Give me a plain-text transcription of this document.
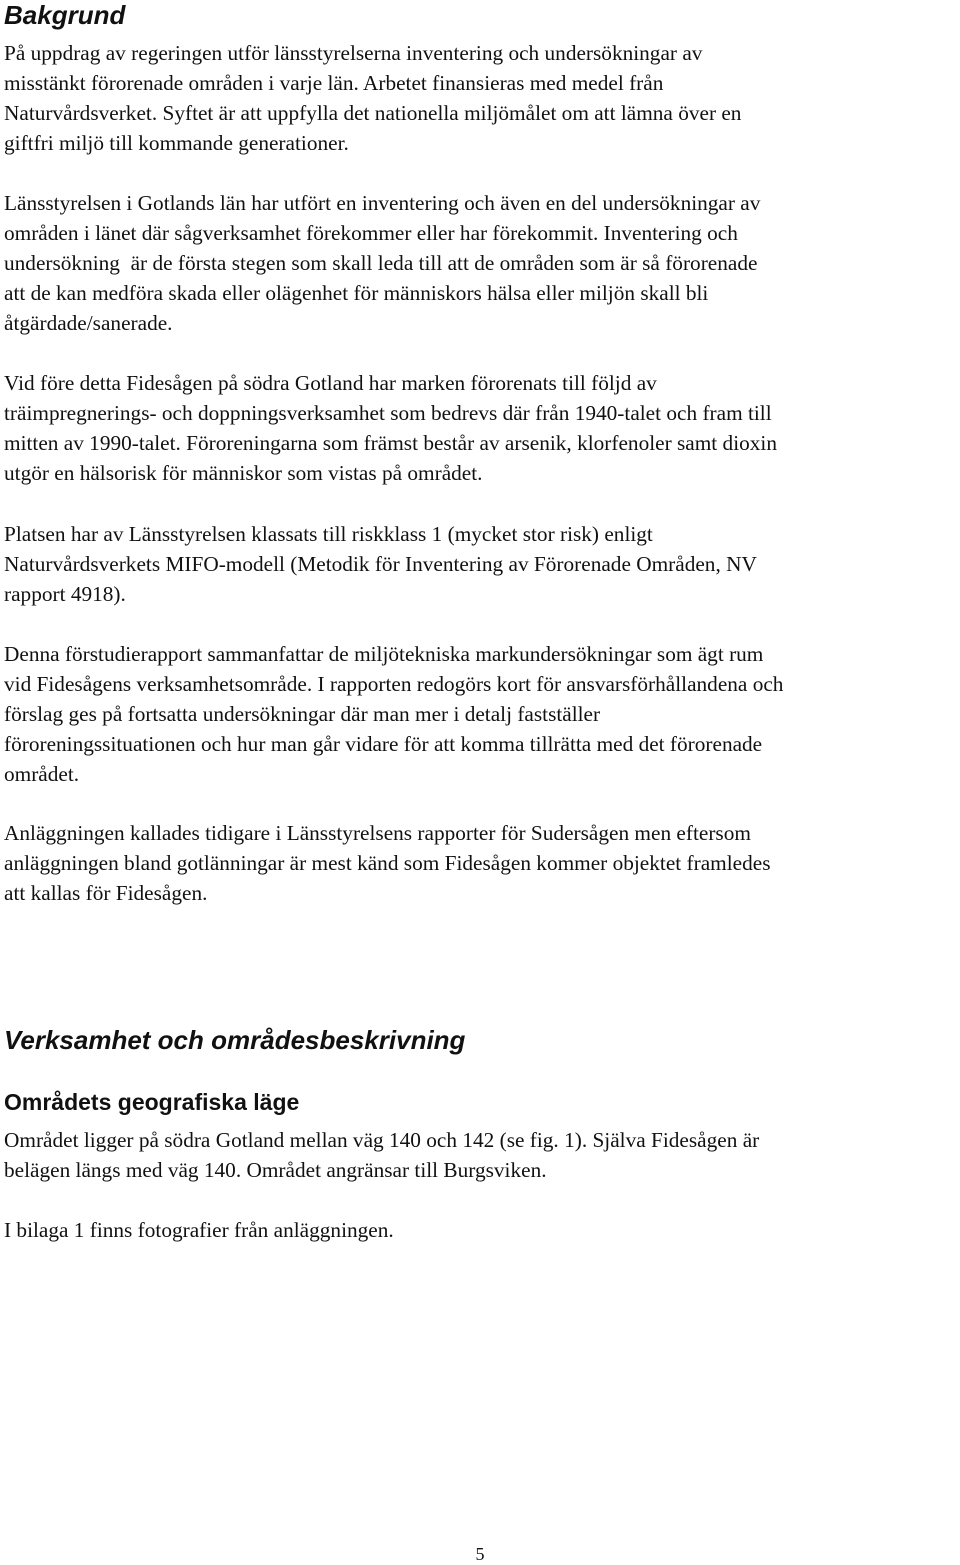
Bakgrund
På uppdrag av regeringen utför länsstyrelserna inventering och undersökningar av
misstänkt förorenade områden i varje län. Arbetet finansieras med medel från
Naturvårdsverket. Syftet är att uppfylla det nationella miljömålet om att lämna över en
giftfri miljö till kommande generationer.
Länsstyrelsen i Gotlands län har utfört en inventering och även en del undersökningar av
områden i länet där sågverksamhet förekommer eller har förekommit. Inventering och
undersökning  är de första stegen som skall leda till att de områden som är så förorenade
att de kan medföra skada eller olägenhet för människors hälsa eller miljön skall bli
åtgärdade/sanerade.
Vid före detta Fidesågen på södra Gotland har marken förorenats till följd av
träimpregnerings- och doppningsverksamhet som bedrevs där från 1940-talet och fram till
mitten av 1990-talet. Föroreningarna som främst består av arsenik, klorfenoler samt dioxin
utgör en hälsorisk för människor som vistas på området.
Platsen har av Länsstyrelsen klassats till riskklass 1 (mycket stor risk) enligt
Naturvårdsverkets MIFO-modell (Metodik för Inventering av Förorenade Områden, NV
rapport 4918).
Denna förstudierapport sammanfattar de miljötekniska markundersökningar som ägt rum
vid Fidesågens verksamhetsområde. I rapporten redogörs kort för ansvarsförhållandena och
förslag ges på fortsatta undersökningar där man mer i detalj fastställer
föroreningssituationen och hur man går vidare för att komma tillrätta med det förorenade
området.
Anläggningen kallades tidigare i Länsstyrelsens rapporter för Sudersågen men eftersom
anläggningen bland gotlänningar är mest känd som Fidesågen kommer objektet framledes
att kallas för Fidesågen.
Verksamhet och områdesbeskrivning
Områdets geografiska läge
Området ligger på södra Gotland mellan väg 140 och 142 (se fig. 1). Själva Fidesågen är
belägen längs med väg 140. Området angränsar till Burgsviken.
I bilaga 1 finns fotografier från anläggningen.
5
